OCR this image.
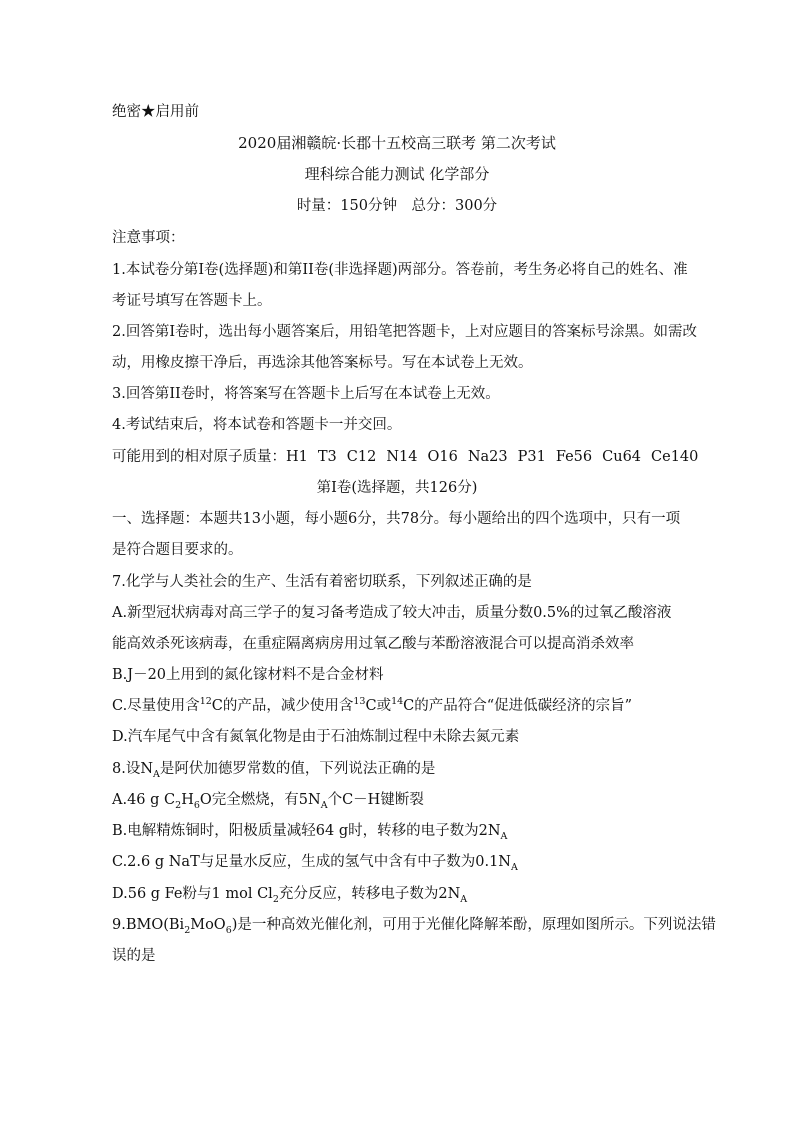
绝密★启用前
2020届湘赣皖·长郡十五校高三联考 第二次考试
理科综合能力测试 化学部分
时量：150分钟　总分：300分
注意事项：
1.本试卷分第I卷(选择题)和第II卷(非选择题)两部分。答卷前，考生务必将自己的姓名、准
考证号填写在答题卡上。
2.回答第I卷时，选出每小题答案后，用铅笔把答题卡，上对应题目的答案标号涂黑。如需改
动，用橡皮擦干净后，再选涂其他答案标号。写在本试卷上无效。
3.回答第II卷时，将答案写在答题卡上后写在本试卷上无效。
4.考试结束后，将本试卷和答题卡一并交回。
可能用到的相对原子质量：H1 T3 C12 N14 O16 Na23 P31 Fe56 Cu64 Ce140
第I卷(选择题，共126分)
一、选择题：本题共13小题，每小题6分，共78分。每小题给出的四个选项中，只有一项
是符合题目要求的。
7.化学与人类社会的生产、生活有着密切联系，下列叙述正确的是
A.新型冠状病毒对高三学子的复习备考造成了较大冲击，质量分数0.5%的过氧乙酸溶液
能高效杀死该病毒，在重症隔离病房用过氧乙酸与苯酚溶液混合可以提高消杀效率
B.J－20上用到的氮化镓材料不是合金材料
C.尽量使用含$^{12}$C的产品，减少使用含$^{13}$C或$^{14}$C的产品符合“促进低碳经济的宗旨”
D.汽车尾气中含有氮氧化物是由于石油炼制过程中未除去氮元素
8.设$N_A$是阿伏加德罗常数的值，下列说法正确的是
A.46 g $C_2H_6O$完全燃烧，有$5N_A$个C－H键断裂
B.电解精炼铜时，阳极质量减轻64 g时，转移的电子数为$2N_A$
C.2.6 g NaT与足量水反应，生成的氢气中含有中子数为$0.1N_A$
D.56 g Fe粉与1 mol $Cl_2$充分反应，转移电子数为$2N_A$
$9.BMO(Bi_2MoO_6)$是一种高效光催化剂，可用于光催化降解苯酚，原理如图所示。下列说法错
误的是
